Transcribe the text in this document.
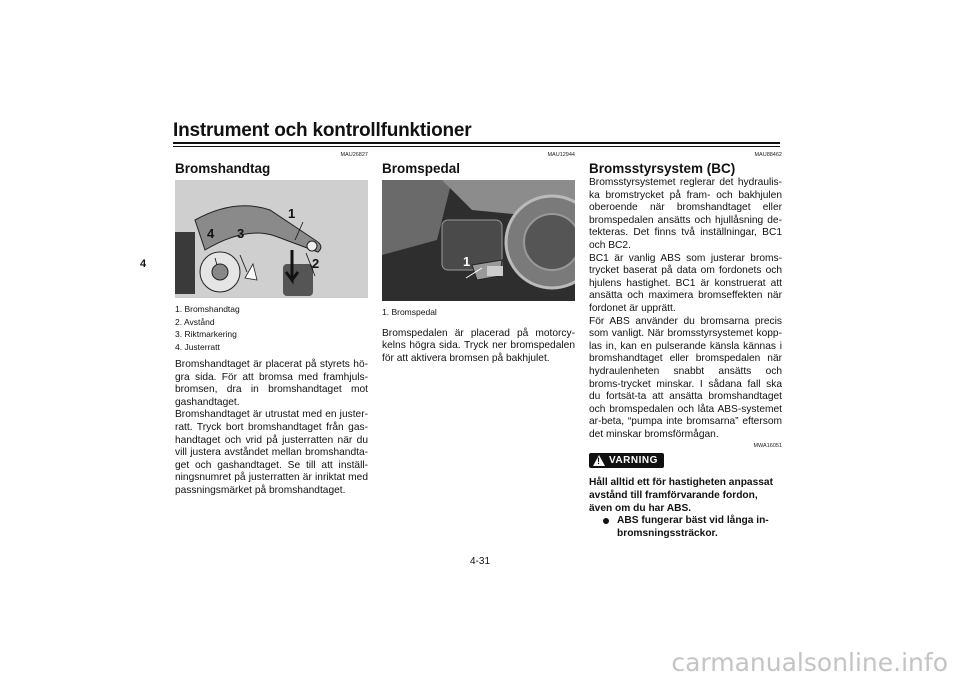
Instrument och kontrollfunktioner
4
MAU26827
Bromshandtag
1
2
3
4
1. Bromshandtag
2. Avstånd
3. Riktmarkering
4. Justerratt

Bromshandtaget är placerat på styrets hö-gra sida. För att bromsa med framhjuls-bromsen, dra in bromshandtaget mot gashandtaget.

Bromshandtaget är utrustat med en juster-ratt. Tryck bort bromshandtaget från gas-handtaget och vrid på justerratten när du vill justera avståndet mellan bromshandta-get och gashandtaget. Se till att inställ-ningsnumret på justerratten är inriktat med passningsmärket på bromshandtaget.

MAU12944
Bromspedal
1
1. Bromspedal

Bromspedalen är placerad på motorcy-kelns högra sida. Tryck ner bromspedalen för att aktivera bromsen på bakhjulet.

MAU88462
Bromsstyrsystem (BC)

Bromsstyrsystemet reglerar det hydraulis-ka bromstrycket på fram- och bakhjulen oberoende när bromshandtaget eller bromspedalen ansätts och hjullåsning de-tekteras. Det finns två inställningar, BC1 och BC2.

BC1 är vanlig ABS som justerar broms-trycket baserat på data om fordonets och hjulens hastighet. BC1 är konstruerat att ansätta och maximera bromseffekten när fordonet är upprätt.

För ABS använder du bromsarna precis som vanligt. När bromsstyrsystemet kopp-las in, kan en pulserande känsla kännas i bromshandtaget eller bromspedalen när hydraulenheten snabbt ansätts och broms-trycket minskar. I sådana fall ska du fortsät-ta att ansätta bromshandtaget och bromspedalen och låta ABS-systemet ar-beta, “pumpa inte bromsarna” eftersom det minskar bromsförmågan.

MWA16051
!
VARNING
Håll alltid ett för hastigheten anpassat avstånd till framförvarande fordon, även om du har ABS.
ABS fungerar bäst vid långa in-bromsningssträckor.
4-31
carmanualsonline.info
